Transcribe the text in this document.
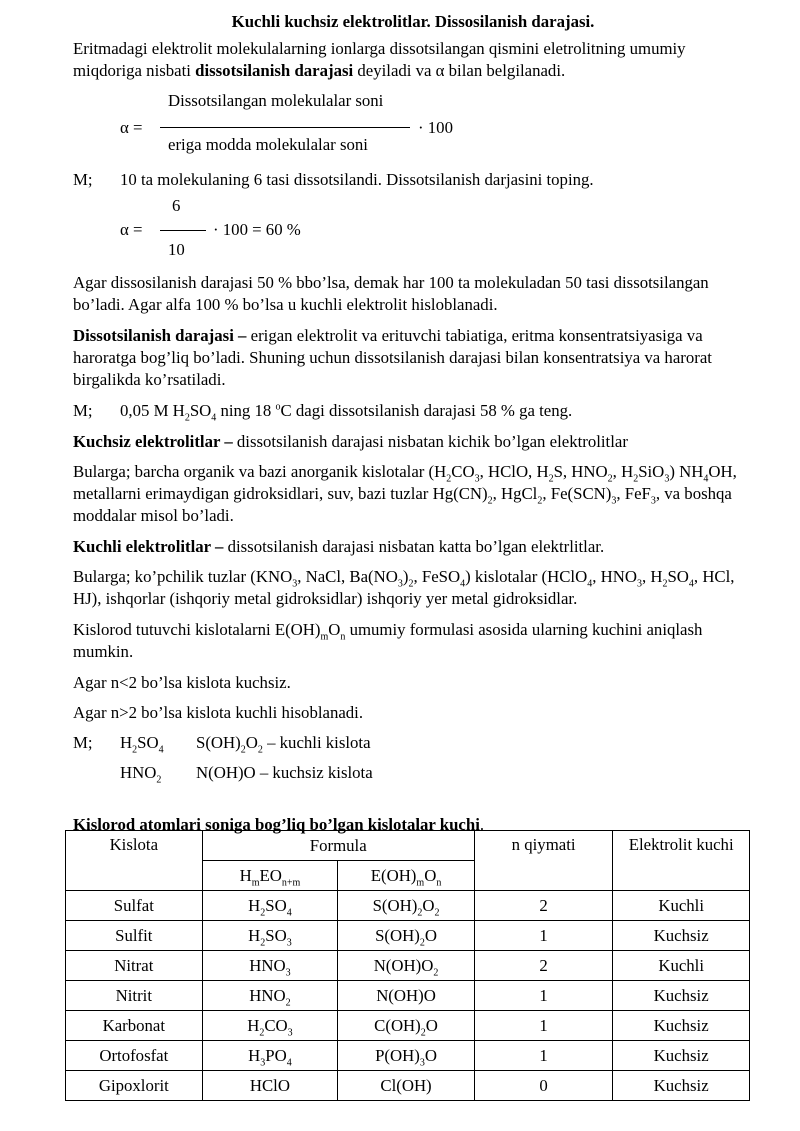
Kuchli kuchsiz elektrolitlar. Dissosilanish darajasi.

Eritmadagi elektrolit molekulalarning ionlarga dissotsilangan qismini eletrolitning umumiy miqdoriga nisbati dissotsilanish darajasi deyiladi va α bilan belgilanadi.

α =
Dissotsilangan molekulalar soni
eriga modda molekulalar soni
· 100
M;	10 ta molekulaning 6 tasi dissotsilandi. Dissotsilanish darjasini toping.
α =
6
10
· 100 = 60 %

Agar dissosilanish darajasi 50 % bbo’lsa, demak har 100 ta molekuladan 50 tasi dissotsilangan bo’ladi. Agar alfa 100 % bo’lsa u kuchli elektrolit hisloblanadi.

Dissotsilanish darajasi – erigan elektrolit va erituvchi tabiatiga, eritma konsentratsiyasiga va haroratga bog’liq bo’ladi. Shuning uchun dissotsilanish darajasi bilan konsentratsiya va harorat birgalikda ko’rsatiladi.

M;	0,05 M $H_2SO_4$ ning 18 $^o$C dagi dissotsilanish darajasi 58 % ga teng.

Kuchsiz elektrolitlar – dissotsilanish darajasi nisbatan kichik bo’lgan elektrolitlar

Bularga; barcha organik va bazi anorganik kislotalar ($H_2CO_3$, HClO, $H_2S$, $HNO_2$, $H_2SiO_3$) $NH_4OH$, metallarni erimaydigan gidroksidlari, suv, bazi tuzlar $Hg(CN)_2$, HgCl$_2$, $Fe(SCN)_3$, FeF$_3$, va boshqa moddalar misol bo’ladi.

Kuchli elektrolitlar – dissotsilanish darajasi nisbatan katta bo’lgan elektrlitlar.

Bularga; ko’pchilik tuzlar ($KNO_3$, NaCl, $Ba(NO_3)_2$, FeSO$_4$) kislotalar (HClO$_4$, $HNO_3$, $H_2SO_4$, HCl, HJ), ishqorlar (ishqoriy metal gidroksidlar) ishqoriy yer metal gidroksidlar.

Kislorod tutuvchi kislotalarni $E(OH)_mO_n$ umumiy formulasi asosida ularning kuchini aniqlash mumkin.

Agar n<2 bo’lsa kislota kuchsiz.

Agar n>2 bo’lsa kislota kuchli hisoblanadi.

M;	$H_2SO_4$	$S(OH)_2O_2$ – kuchli kislota
$HNO_2$	N(OH)O – kuchsiz kislota
Kislorod atomlari soniga bog’liq bo’lgan kislotalar kuchi.
Kislota	Formula		n qiymati	Elektrolit kuchi
	$H_mEO_{n+m}$	$E(OH)_mO_n$
Sulfat	$H_2SO_4$	$S(OH)_2O_2$	2	Kuchli
Sulfit	$H_2SO_3$	$S(OH)_2O$	1	Kuchsiz
Nitrat	$HNO_3$	$N(OH)O_2$	2	Kuchli
Nitrit	$HNO_2$	N(OH)O	1	Kuchsiz
Karbonat	$H_2CO_3$	$C(OH)_2O$	1	Kuchsiz
Ortofosfat	$H_3PO_4$	$P(OH)_3O$	1	Kuchsiz
Gipoxlorit	HClO	Cl(OH)	0	Kuchsiz
